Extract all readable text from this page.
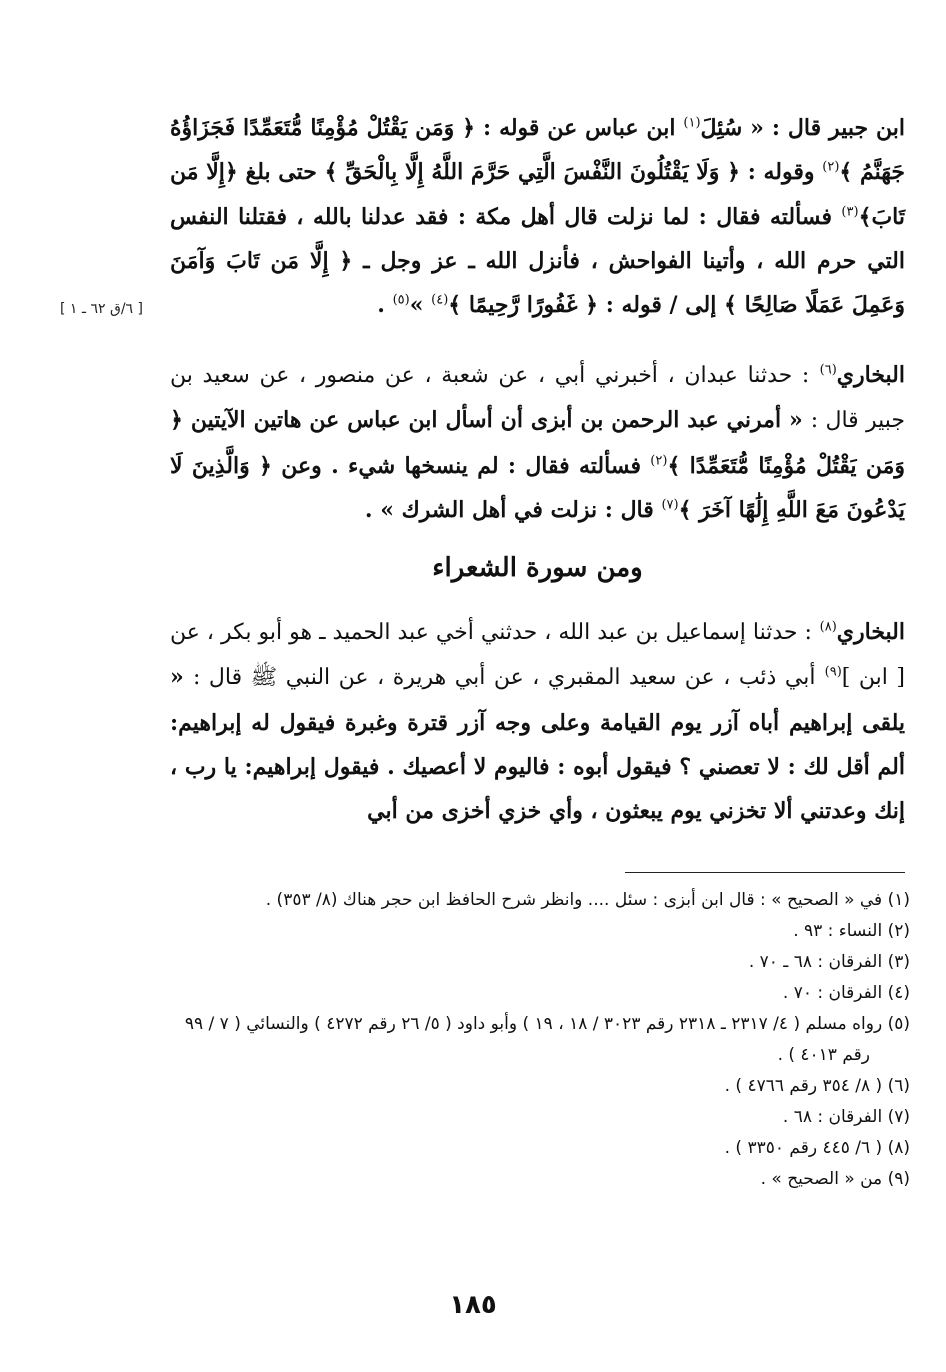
[ ٦/ق ٦٢ ـ ١ ]
ابن جبير قال : « سُئِلَ$^{(١)}$ ابن عباس عن قوله : ﴿ وَمَن يَقْتُلْ مُؤْمِنًا مُّتَعَمِّدًا فَجَزَاؤُهُ جَهَنَّمُ ﴾$^{(٢)}$ وقوله : ﴿ وَلَا يَقْتُلُونَ النَّفْسَ الَّتِي حَرَّمَ اللَّهُ إِلَّا بِالْحَقِّ ﴾ حتى بلغ ﴿إِلَّا مَن تَابَ﴾$^{(٣)}$ فسألته فقال : لما نزلت قال أهل مكة : فقد عدلنا بالله ، فقتلنا النفس التي حرم الله ، وأتينا الفواحش ، فأنزل الله ـ عز وجل ـ ﴿ إِلَّا مَن تَابَ وَآمَنَ وَعَمِلَ عَمَلًا صَالِحًا ﴾ إلى / قوله : ﴿ غَفُورًا رَّحِيمًا ﴾$^{(٤)}$ »$^{(٥)}$ .
البخاري$^{(٦)}$ : حدثنا عبدان ، أخبرني أبي ، عن شعبة ، عن منصور ، عن سعيد بن جبير قال : « أمرني عبد الرحمن بن أبزى أن أسأل ابن عباس عن هاتين الآيتين ﴿ وَمَن يَقْتُلْ مُؤْمِنًا مُّتَعَمِّدًا ﴾$^{(٢)}$ فسألته فقال : لم ينسخها شيء . وعن ﴿ وَالَّذِينَ لَا يَدْعُونَ مَعَ اللَّهِ إِلَٰهًا آخَرَ ﴾$^{(٧)}$ قال : نزلت في أهل الشرك » .
ومن سورة الشعراء
البخاري$^{(٨)}$ : حدثنا إسماعيل بن عبد الله ، حدثني أخي عبد الحميد ـ هو أبو بكر ، عن [ ابن ]$^{(٩)}$ أبي ذئب ، عن سعيد المقبري ، عن أبي هريرة ، عن النبي ﷺ قال : « يلقى إبراهيم أباه آزر يوم القيامة وعلى وجه آزر قترة وغبرة فيقول له إبراهيم: ألم أقل لك : لا تعصني ؟ فيقول أبوه : فاليوم لا أعصيك . فيقول إبراهيم: يا رب ، إنك وعدتني ألا تخزني يوم يبعثون ، وأي خزي أخزى من أبي
(١) في « الصحيح » : قال ابن أبزى : سئل .... وانظر شرح الحافظ ابن حجر هناك (٨/ ٣٥٣) .
(٢) النساء : ٩٣ .
(٣) الفرقان : ٦٨ ـ ٧٠ .
(٤) الفرقان : ٧٠ .
(٥) رواه مسلم ( ٤/ ٢٣١٧ ـ ٢٣١٨ رقم ٣٠٢٣ / ١٨ ، ١٩ ) وأبو داود ( ٥/ ٢٦ رقم ٤٢٧٢ ) والنسائي ( ٧ / ٩٩ رقم ٤٠١٣ ) .
(٦) ( ٨/ ٣٥٤ رقم ٤٧٦٦ ) .
(٧) الفرقان : ٦٨ .
(٨) ( ٦/ ٤٤٥ رقم ٣٣٥٠ ) .
(٩) من « الصحيح » .
١٨٥
